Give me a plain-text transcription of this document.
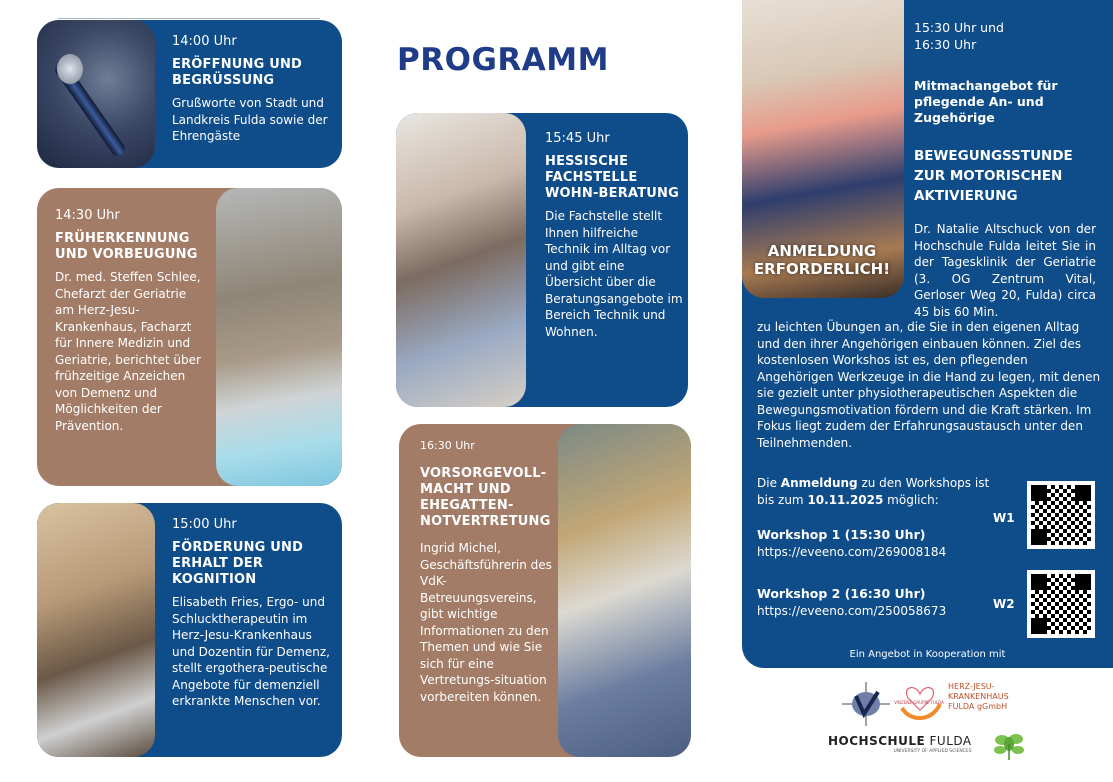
PROGRAMM
14:00 Uhr
ERÖFFNUNG UND BEGRÜSSUNG
Grußworte von Stadt und Landkreis Fulda sowie der Ehrengäste
14:30 Uhr
FRÜHERKENNUNG UND VORBEUGUNG
Dr. med. Steffen Schlee, Chefarzt der Geriatrie am Herz-Jesu-Krankenhaus, Facharzt für Innere Medizin und Geriatrie, berichtet über frühzeitige Anzeichen von Demenz und Möglichkeiten der Prävention.
15:00 Uhr
FÖRDERUNG UND ERHALT DER KOGNITION
Elisabeth Fries, Ergo- und Schlucktherapeutin im Herz-Jesu-Krankenhaus und Dozentin für Demenz, stellt ergothera-peutische Angebote für demenziell erkrankte Menschen vor.
15:45 Uhr
HESSISCHE FACHSTELLE WOHN-BERATUNG
Die Fachstelle stellt Ihnen hilfreiche Technik im Alltag vor und gibt eine Übersicht über die Beratungsangebote im Bereich Technik und Wohnen.
16:30 Uhr
VORSORGEVOLL-MACHT UND EHEGATTEN-NOTVERTRETUNG
Ingrid Michel, Geschäftsführerin des VdK-Betreuungsvereins, gibt wichtige Informationen zu den Themen und wie Sie sich für eine Vertretungs-situation vorbereiten können.
ANMELDUNG ERFORDERLICH!
15:30 Uhr und 16:30 Uhr
Mitmachangebot für pflegende An- und Zugehörige
BEWEGUNGSSTUNDE ZUR MOTORISCHEN AKTIVIERUNG
Dr. Natalie Altschuck von der Hochschule Fulda leitet Sie in der Tagesklinik der Geriatrie (3. OG Zentrum Vital, Gerloser Weg 20, Fulda) circa 45 bis 60 Min.
zu leichten Übungen an, die Sie in den eigenen Alltag und den ihrer Angehörigen einbauen können. Ziel des kostenlosen Workshos ist es, den pflegenden Angehörigen Werkzeuge in die Hand zu legen, mit denen sie gezielt unter physiotherapeutischen Aspekten die Bewegungsmotivation fördern und die Kraft stärken. Im Fokus liegt zudem der Erfahrungsaustausch unter den Teilnehmenden.
Die Anmeldung zu den Workshops ist bis zum 10.11.2025 möglich:
Workshop 1 (15:30 Uhr)
https://eveeno.com/269008184
W1
Workshop 2 (16:30 Uhr)
https://eveeno.com/250058673	W2
Ein Angebot in Kooperation mit
VINZENZ GRUPPE FULDA
HERZ-JESU-
KRANKENHAUS
FULDA gGmbH
HOCHSCHULE FULDA
UNIVERSITY OF APPLIED SCIENCES
